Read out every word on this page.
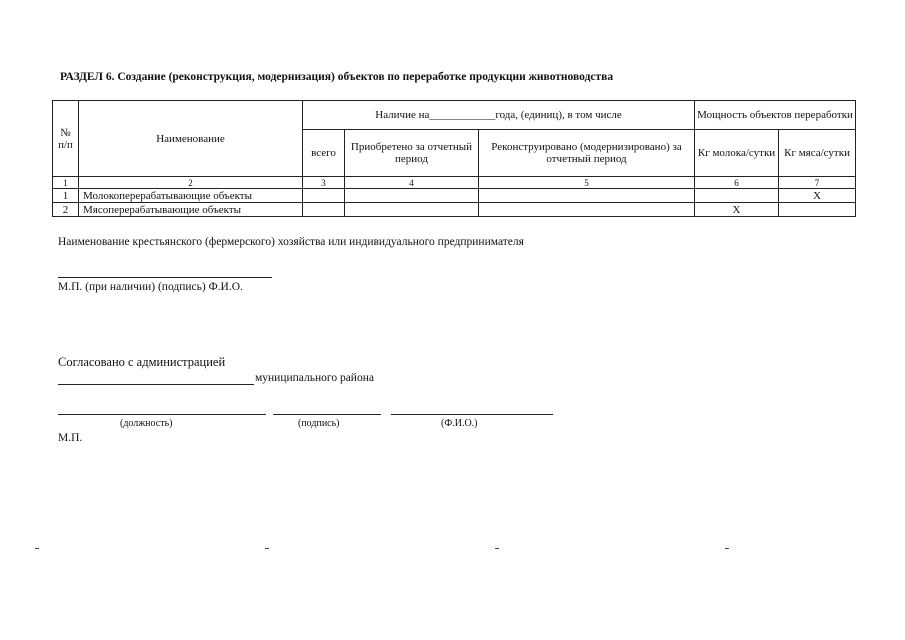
РАЗДЕЛ 6. Создание (реконструкция, модернизация) объектов по переработке продукции животноводства
№ п/п	Наименование	Наличие на____________года, (единиц), в том числе			Мощность объектов переработки	
		всего	Приобретено за отчетный период	Реконструировано (модернизировано) за отчетный период	Кг молока/сутки	Кг мяса/сутки
1	2	3	4	5	6	7
1	Молокоперерабатывающие объекты					Х
2	Мясоперерабатывающие объекты				Х	
Наименование крестьянского (фермерского) хозяйства или индивидуального предпринимателя
М.П. (при наличии) (подпись) Ф.И.О.
Согласовано с администрацией
муниципального района
(должность)	(подпись)	(Ф.И.О.)
М.П.
